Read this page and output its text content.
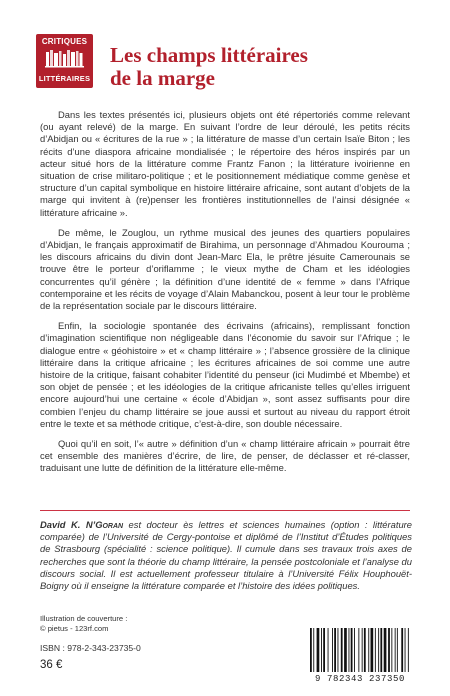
CRITIQUES
LITTÉRAIRES
Les champs littéraires
de la marge

Dans les textes présentés ici, plusieurs objets ont été répertoriés comme relevant (ou ayant relevé) de la marge. En suivant l’ordre de leur déroulé, les petits récits d’Abidjan ou « écritures de la rue » ; la littérature de masse d’un certain Isaïe Biton ; les récits d’une diaspora africaine mondialisée ; le répertoire des héros inspirés par un acteur situé hors de la littérature comme Frantz Fanon ; la littérature ivoirienne en situation de crise militaro-politique ; et le positionnement médiatique comme genèse et structure d’un capital symbolique en histoire littéraire africaine, sont autant d’objets de la marge qui invitent à (re)penser les frontières institutionnelles de l’ainsi désignée « littérature africaine ».

De même, le Zouglou, un rythme musical des jeunes des quartiers populaires d’Abidjan, le français approximatif de Birahima, un personnage d’Ahmadou Kourouma ; les discours africains du divin dont Jean-Marc Ela, le prêtre jésuite Camerounais se trouve être le porteur d’oriflamme ; le vieux mythe de Cham et les idéologies concurrentes qu’il génère ; la définition d’une identité de « femme » dans l’Afrique contemporaine et les récits de voyage d’Alain Mabanckou, posent à leur tour le problème de la représentation sociale par le discours littéraire.

Enfin, la sociologie spontanée des écrivains (africains), remplissant fonction d’imagination scientifique non négligeable dans l’économie du savoir sur l’Afrique ; le dialogue entre « géohistoire » et « champ littéraire » ; l’absence grossière de la clinique littéraire dans la critique africaine ; les écritures africaines de soi comme une autre histoire de la critique, faisant cohabiter l’identité du penseur (ici Mudimbé et Mbembe) et son objet de pensée ; et les idéologies de la critique africaniste telles qu’elles irriguent encore aujourd’hui une certaine « école d’Abidjan », sont assez suffisants pour dire combien l’enjeu du champ littéraire se joue aussi et surtout au niveau du rapport étroit entre le texte et sa méthode critique, c’est-à-dire, son double nécessaire.

Quoi qu’il en soit, l’« autre » définition d’un « champ littéraire africain » pourrait être cet ensemble des manières d’écrire, de lire, de penser, de déclasser et ré-classer, traduisant une lutte de définition de la littérature elle-même.

David K. N’Goran est docteur ès lettres et sciences humaines (option : littérature comparée) de l’Université de Cergy-pontoise et diplômé de l’Institut d’Études politiques de Strasbourg (spécialité : science politique). Il cumule dans ses travaux trois axes de recherches que sont la théorie du champ littéraire, la pensée postcoloniale et l’analyse du discours social. Il est actuellement professeur titulaire à l’Université Félix Houphouët-Boigny où il enseigne la littérature comparée et l’histoire des idées politiques.
Illustration de couverture :
© pietus - 123rf.com
ISBN : 978-2-343-23735-0
36 €
9 782343 237350
